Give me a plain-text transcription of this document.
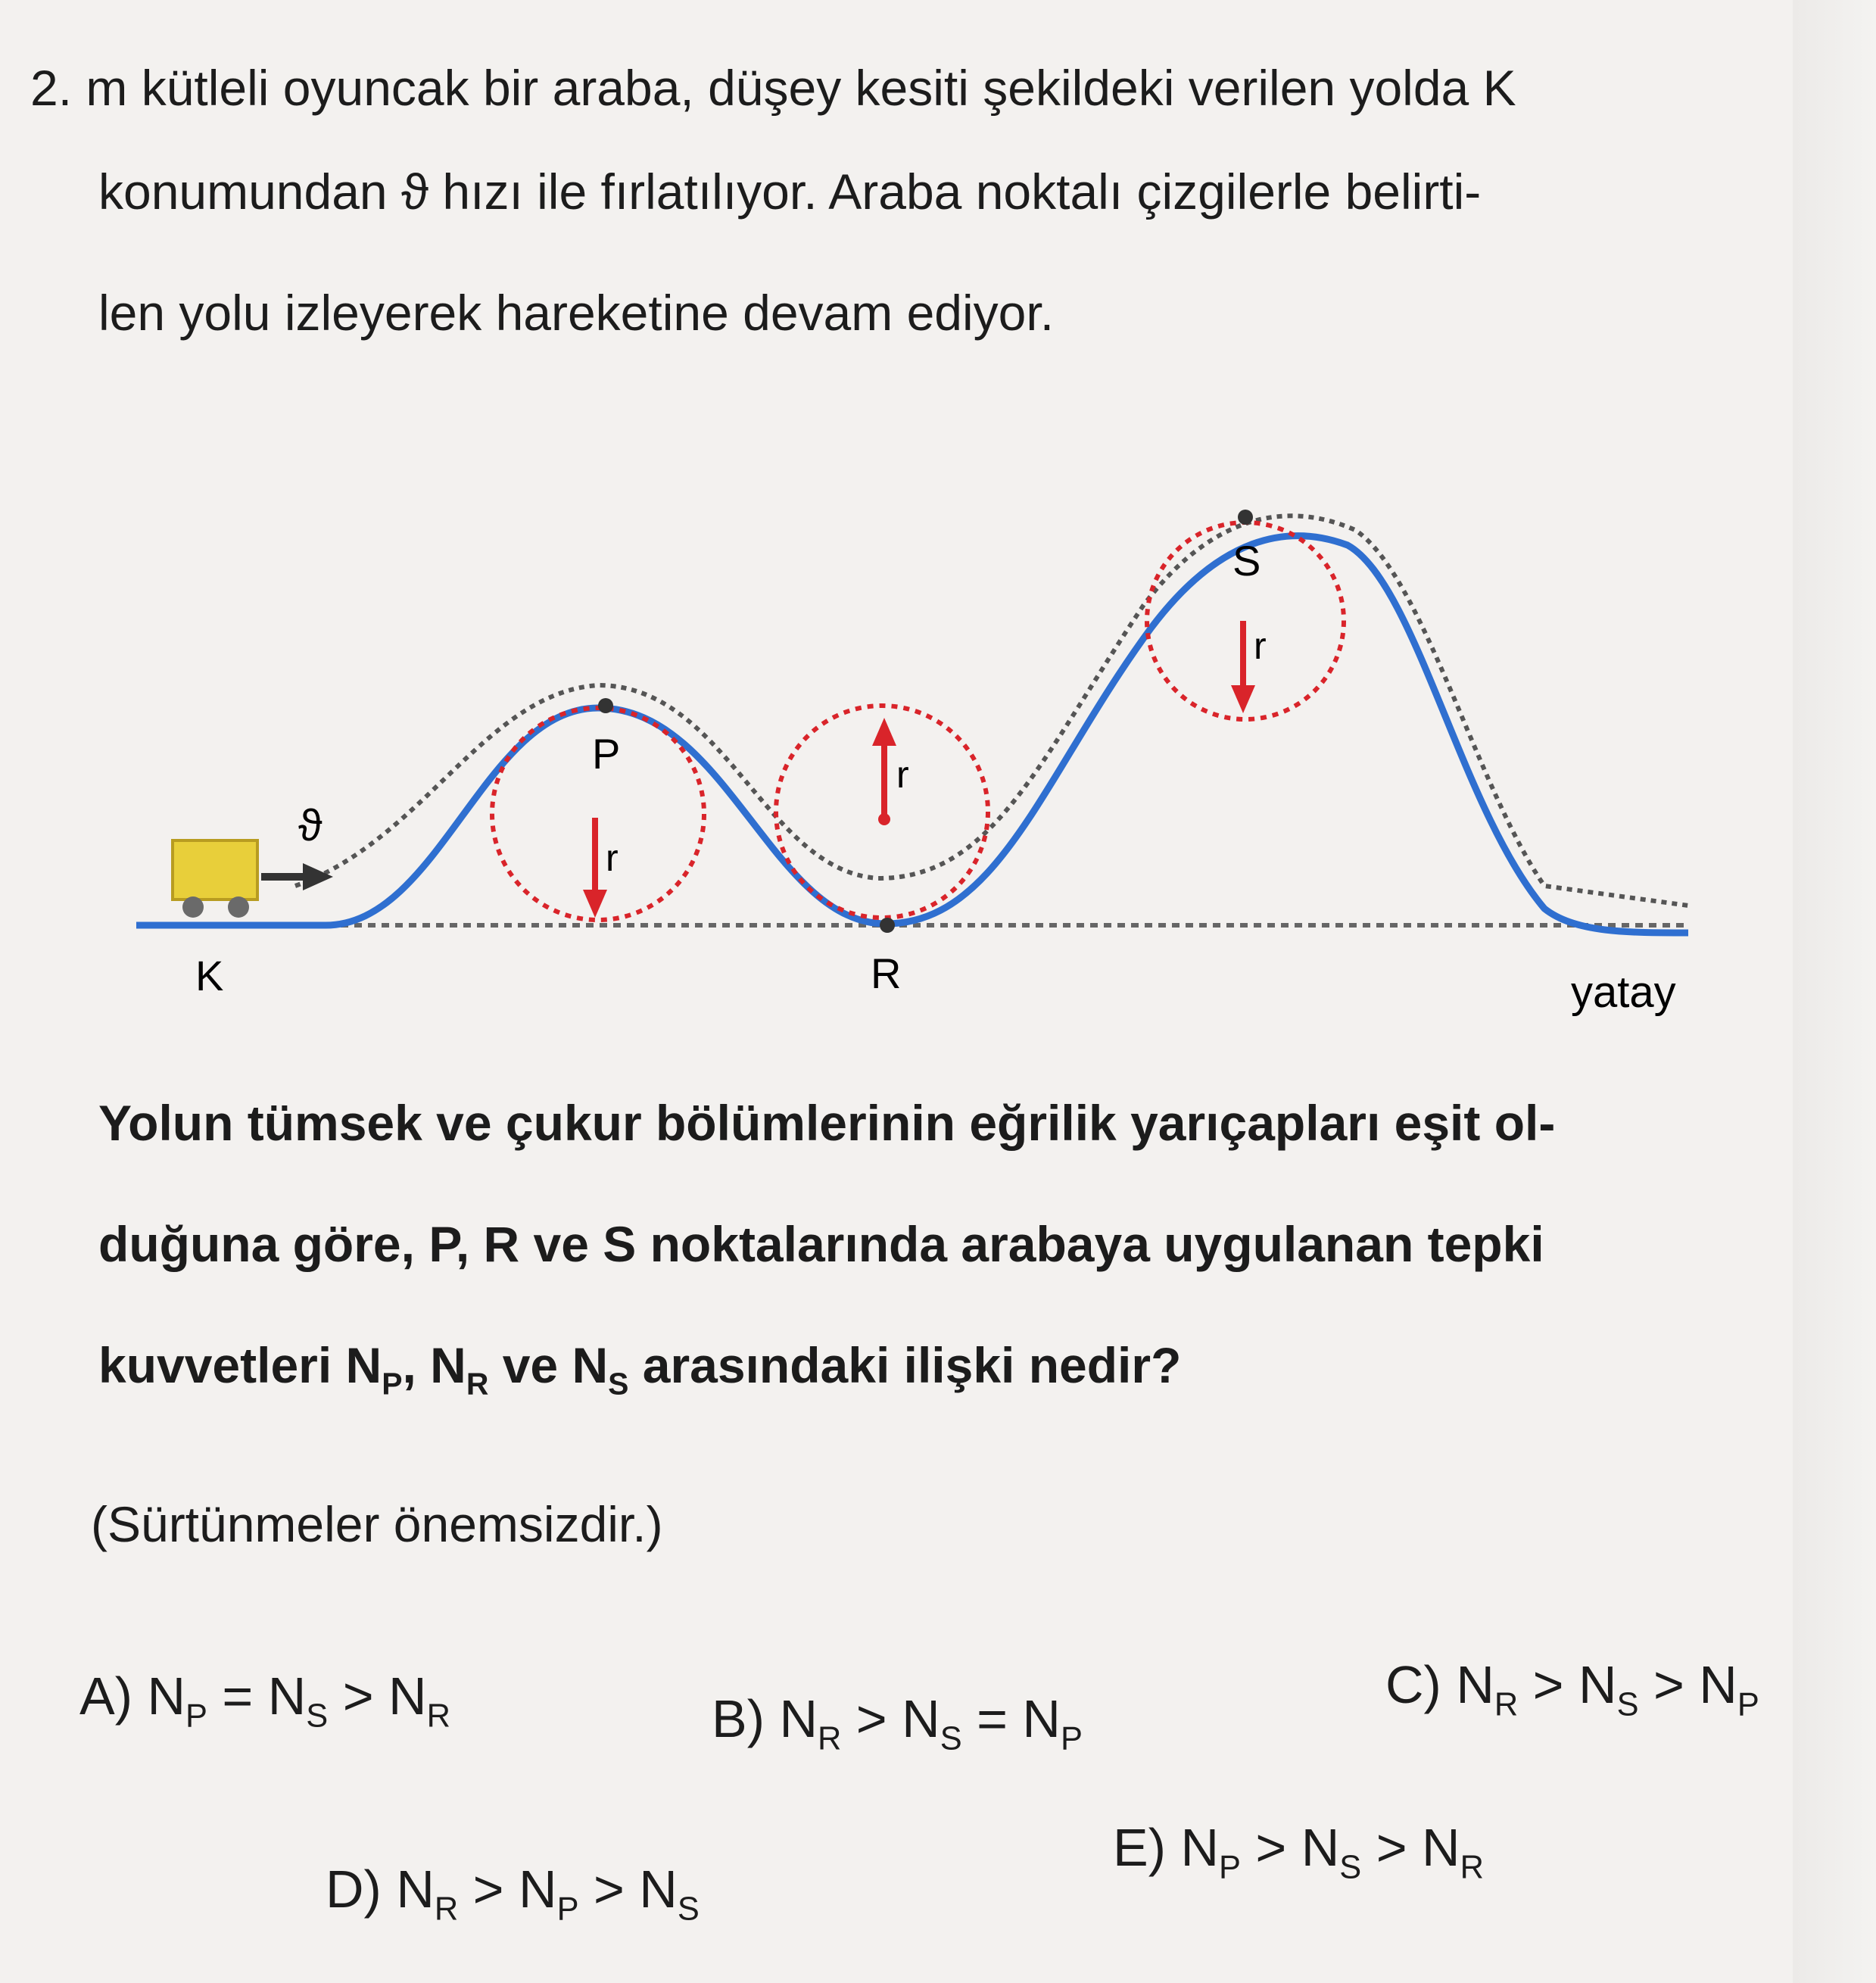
2. m kütleli oyuncak bir araba, düşey kesiti şekildeki verilen yolda K

konumundan ϑ hızı ile fırlatılıyor. Araba noktalı çizgilerle belirti-

len yolu izleyerek hareketine devam ediyor.

K
P
R
S
r
r
r
ϑ
yatay

Yolun tümsek ve çukur bölümlerinin eğrilik yarıçapları eşit ol-

duğuna göre, P, R ve S noktalarında arabaya uygulanan tepki

kuvvetleri $N_P$, $N_R$ ve $N_S$ arasındaki ilişki nedir?

(Sürtünmeler önemsizdir.)

A) $N_P = N_S > N_R$	B) $N_R > N_S = N_P$
C) $N_R > N_S > N_P$
D) $N_R > N_P > N_S$
E) $N_P > N_S > N_R$
